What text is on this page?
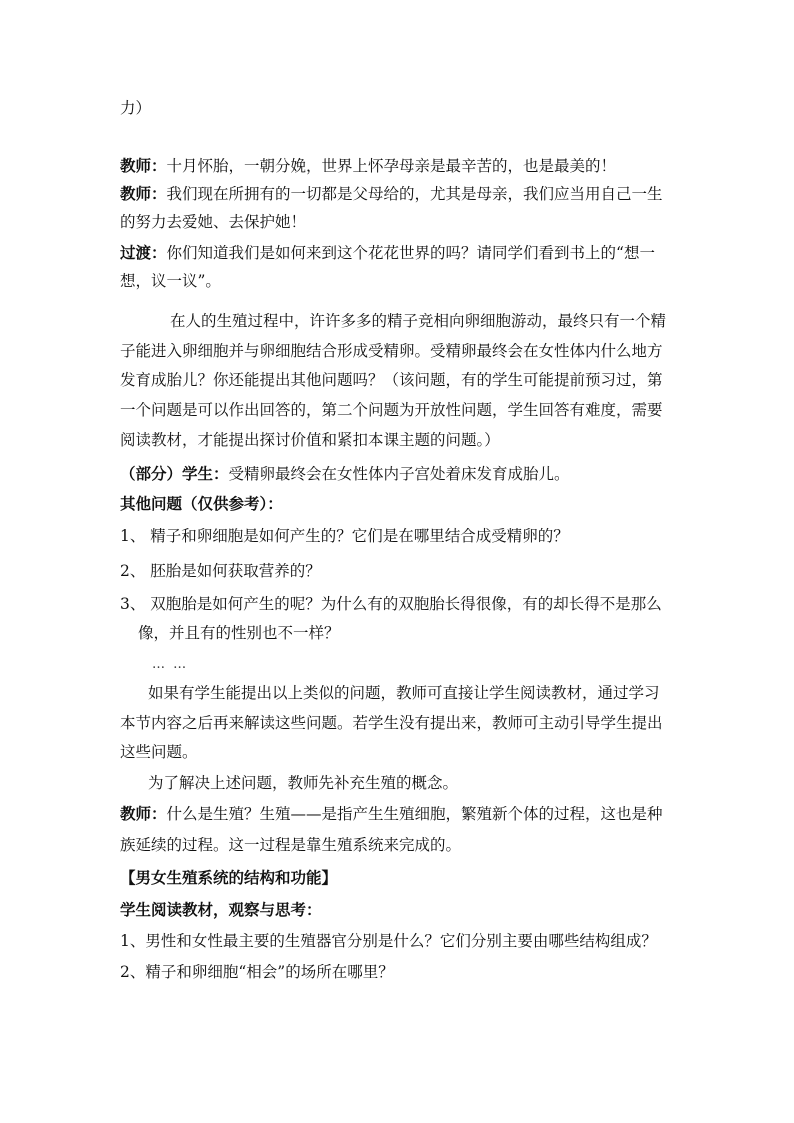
力）
教师：十月怀胎，一朝分娩，世界上怀孕母亲是最辛苦的，也是最美的！
教师：我们现在所拥有的一切都是父母给的，尤其是母亲，我们应当用自己一生
的努力去爱她、去保护她！
过渡：你们知道我们是如何来到这个花花世界的吗？请同学们看到书上的“想一
想，议一议”。
在人的生殖过程中，许许多多的精子竞相向卵细胞游动，最终只有一个精
子能进入卵细胞并与卵细胞结合形成受精卵。受精卵最终会在女性体内什么地方
发育成胎儿？你还能提出其他问题吗？（该问题，有的学生可能提前预习过，第
一个问题是可以作出回答的，第二个问题为开放性问题，学生回答有难度，需要
阅读教材，才能提出探讨价值和紧扣本课主题的问题。）
（部分）学生：受精卵最终会在女性体内子宫处着床发育成胎儿。
其他问题（仅供参考）：
1、 精子和卵细胞是如何产生的？它们是在哪里结合成受精卵的？
2、 胚胎是如何获取营养的？
3、 双胞胎是如何产生的呢？为什么有的双胞胎长得很像，有的却长得不是那么
像，并且有的性别也不一样？
… …
如果有学生能提出以上类似的问题，教师可直接让学生阅读教材，通过学习
本节内容之后再来解读这些问题。若学生没有提出来，教师可主动引导学生提出
这些问题。
为了解决上述问题，教师先补充生殖的概念。
教师：什么是生殖？生殖——是指产生生殖细胞，繁殖新个体的过程，这也是种
族延续的过程。这一过程是靠生殖系统来完成的。
【男女生殖系统的结构和功能】
学生阅读教材，观察与思考：
1、男性和女性最主要的生殖器官分别是什么？它们分别主要由哪些结构组成？
2、精子和卵细胞“相会”的场所在哪里？
